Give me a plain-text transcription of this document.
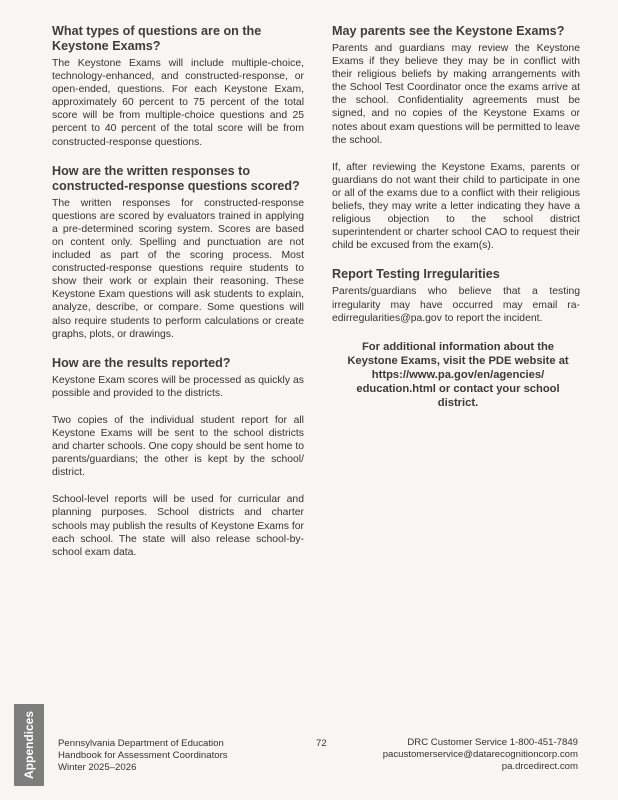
What types of questions are on the Keystone Exams?

The Keystone Exams will include multiple-choice, technology-enhanced, and constructed-response, or open-ended, questions. For each Keystone Exam, approximately 60 percent to 75 percent of the total score will be from multiple-choice questions and 25 percent to 40 percent of the total score will be from constructed-response questions.

How are the written responses to constructed-response questions scored?

The written responses for constructed-response questions are scored by evaluators trained in applying a pre-determined scoring system. Scores are based on content only. Spelling and punctuation are not included as part of the scoring process. Most constructed-response questions require students to show their work or explain their reasoning. These Keystone Exam questions will ask students to explain, analyze, describe, or compare. Some questions will also require students to perform calculations or create graphs, plots, or drawings.

How are the results reported?

Keystone Exam scores will be processed as quickly as possible and provided to the districts.

Two copies of the individual student report for all Keystone Exams will be sent to the school districts and charter schools. One copy should be sent home to parents/guardians; the other is kept by the school/ district.

School-level reports will be used for curricular and planning purposes. School districts and charter schools may publish the results of Keystone Exams for each school. The state will also release school-by-school exam data.

May parents see the Keystone Exams?

Parents and guardians may review the Keystone Exams if they believe they may be in conflict with their religious beliefs by making arrangements with the School Test Coordinator once the exams arrive at the school. Confidentiality agreements must be signed, and no copies of the Keystone Exams or notes about exam questions will be permitted to leave the school.

If, after reviewing the Keystone Exams, parents or guardians do not want their child to participate in one or all of the exams due to a conflict with their religious beliefs, they may write a letter indicating they have a religious objection to the school district superintendent or charter school CAO to request their child be excused from the exam(s).

Report Testing Irregularities

Parents/guardians who believe that a testing irregularity may have occurred may email ra-edirregularities@pa.gov to report the incident.

For additional information about the Keystone Exams, visit the PDE website at https://www.pa.gov/en/agencies/ education.html or contact your school district.
Appendices Pennsylvania Department of Education
Handbook for Assessment Coordinators
Winter 2025–2026
72	DRC Customer Service 1-800-451-7849
pacustomerservice@datarecognitioncorp.com
pa.drcedirect.com
